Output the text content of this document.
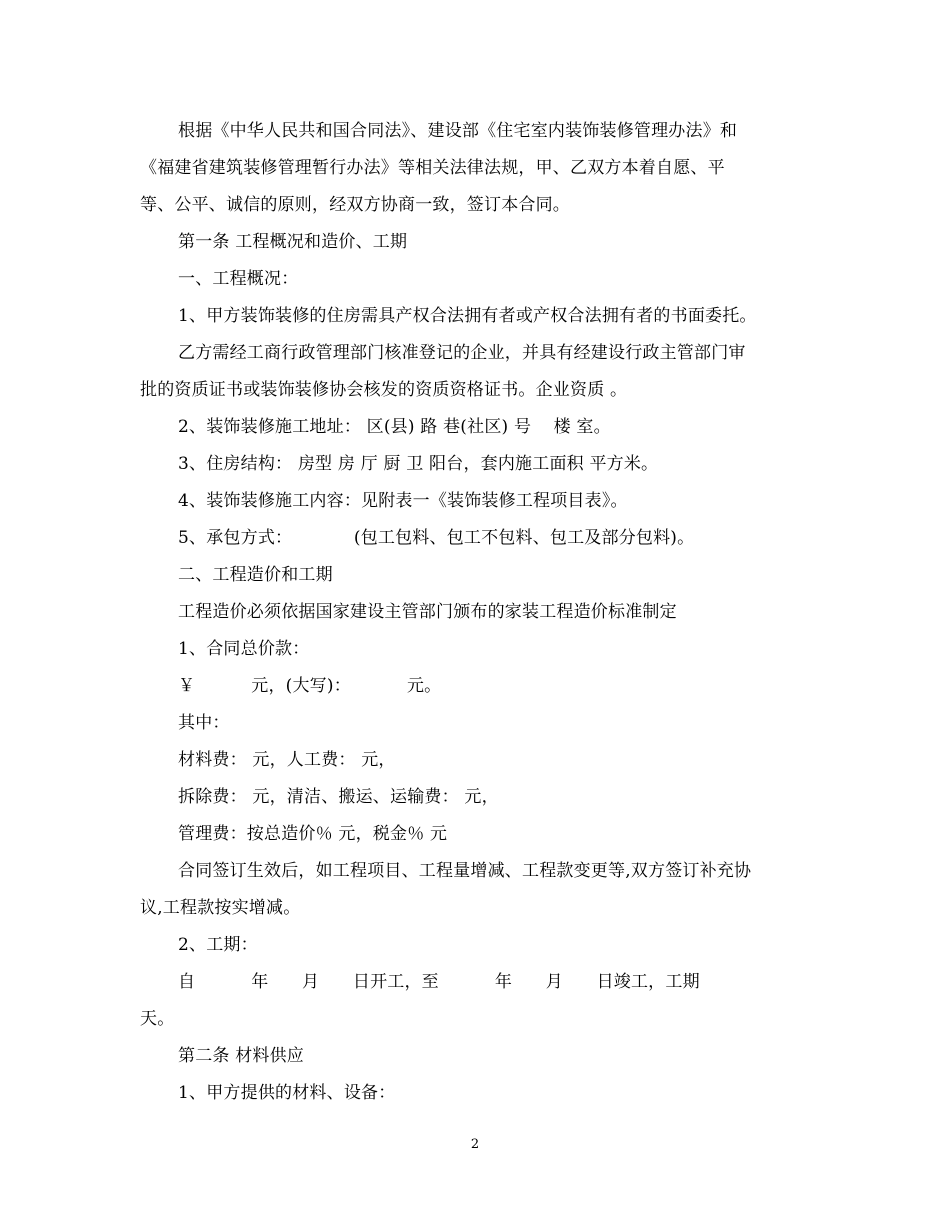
根据《中华人民共和国合同法》、建设部《住宅室内装饰装修管理办法》和
《福建省建筑装修管理暂行办法》等相关法律法规，甲、乙双方本着自愿、平
等、公平、诚信的原则，经双方协商一致，签订本合同。
第一条 工程概况和造价、工期
一、工程概况：
1、甲方装饰装修的住房需具产权合法拥有者或产权合法拥有者的书面委托。
乙方需经工商行政管理部门核准登记的企业，并具有经建设行政主管部门审
批的资质证书或装饰装修协会核发的资质资格证书。企业资质 。
2、装饰装修施工地址： 区(县) 路 巷(社区) 号    楼 室。
3、住房结构： 房型 房 厅 厨 卫 阳台，套内施工面积 平方米。
4、装饰装修施工内容：见附表一《装饰装修工程项目表》。
5、承包方式：           (包工包料、包工不包料、包工及部分包料)。
二、工程造价和工期
工程造价必须依据国家建设主管部门颁布的家装工程造价标准制定
1、合同总价款：
￥          元，(大写)：          元。
其中：
材料费： 元，人工费： 元，
拆除费： 元，清洁、搬运、运输费： 元，
管理费：按总造价％ 元，税金％ 元
合同签订生效后，如工程项目、工程量增减、工程款变更等,双方签订补充协
议,工程款按实增减。
2、工期：
自          年      月      日开工，至          年      月      日竣工，工期
天。
第二条 材料供应
1、甲方提供的材料、设备：
2
